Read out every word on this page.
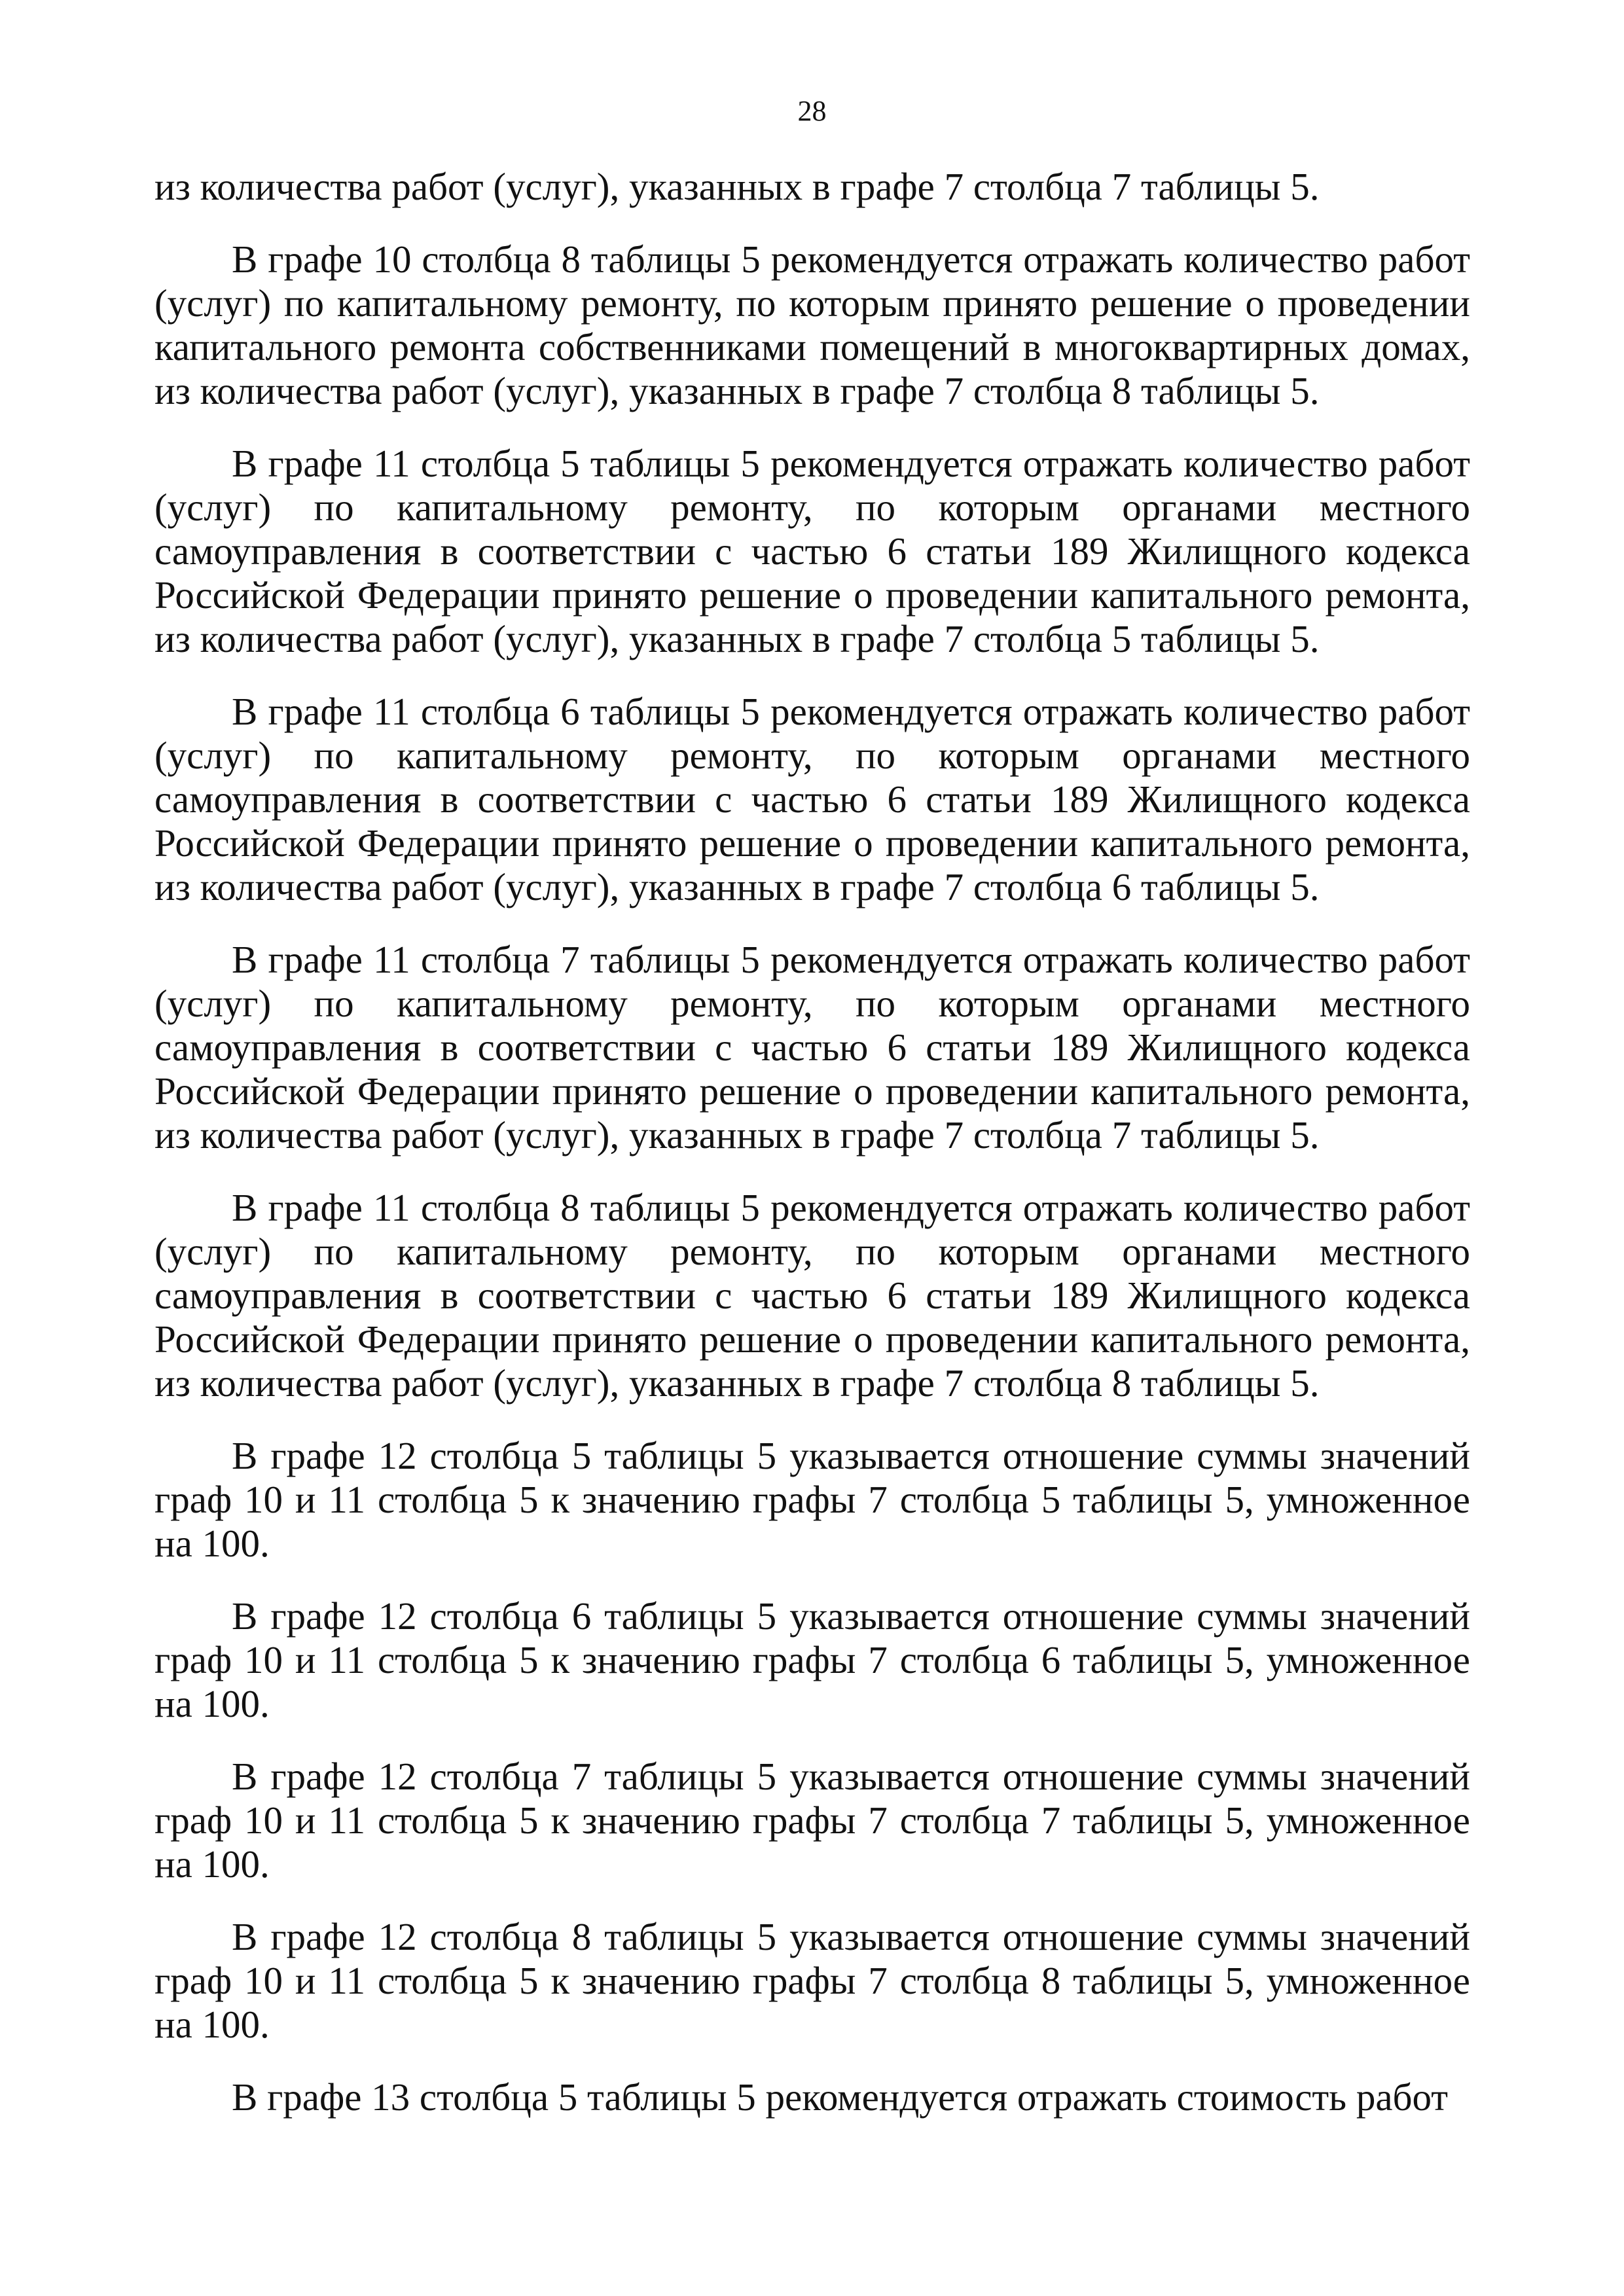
28

из количества работ (услуг), указанных в графе 7 столбца 7 таблицы 5.

В графе 10 столбца 8 таблицы 5 рекомендуется отражать количество работ (услуг) по капитальному ремонту, по которым принято решение о проведении капитального ремонта собственниками помещений в многоквартирных домах, из количества работ (услуг), указанных в графе 7 столбца 8 таблицы 5.

В графе 11 столбца 5 таблицы 5 рекомендуется отражать количество работ (услуг) по капитальному ремонту, по которым органами местного самоуправления в соответствии с частью 6 статьи 189 Жилищного кодекса Российской Федерации принято решение о проведении капитального ремонта, из количества работ (услуг), указанных в графе 7 столбца 5 таблицы 5.

В графе 11 столбца 6 таблицы 5 рекомендуется отражать количество работ (услуг) по капитальному ремонту, по которым органами местного самоуправления в соответствии с частью 6 статьи 189 Жилищного кодекса Российской Федерации принято решение о проведении капитального ремонта, из количества работ (услуг), указанных в графе 7 столбца 6 таблицы 5.

В графе 11 столбца 7 таблицы 5 рекомендуется отражать количество работ (услуг) по капитальному ремонту, по которым органами местного самоуправления в соответствии с частью 6 статьи 189 Жилищного кодекса Российской Федерации принято решение о проведении капитального ремонта, из количества работ (услуг), указанных в графе 7 столбца 7 таблицы 5.

В графе 11 столбца 8 таблицы 5 рекомендуется отражать количество работ (услуг) по капитальному ремонту, по которым органами местного самоуправления в соответствии с частью 6 статьи 189 Жилищного кодекса Российской Федерации принято решение о проведении капитального ремонта, из количества работ (услуг), указанных в графе 7 столбца 8 таблицы 5.

В графе 12 столбца 5 таблицы 5 указывается отношение суммы значений граф 10 и 11 столбца 5 к значению графы 7 столбца 5 таблицы 5, умноженное на 100.

В графе 12 столбца 6 таблицы 5 указывается отношение суммы значений граф 10 и 11 столбца 5 к значению графы 7 столбца 6 таблицы 5, умноженное на 100.

В графе 12 столбца 7 таблицы 5 указывается отношение суммы значений граф 10 и 11 столбца 5 к значению графы 7 столбца 7 таблицы 5, умноженное на 100.

В графе 12 столбца 8 таблицы 5 указывается отношение суммы значений граф 10 и 11 столбца 5 к значению графы 7 столбца 8 таблицы 5, умноженное на 100.

В графе 13 столбца 5 таблицы 5 рекомендуется отражать стоимость работ
